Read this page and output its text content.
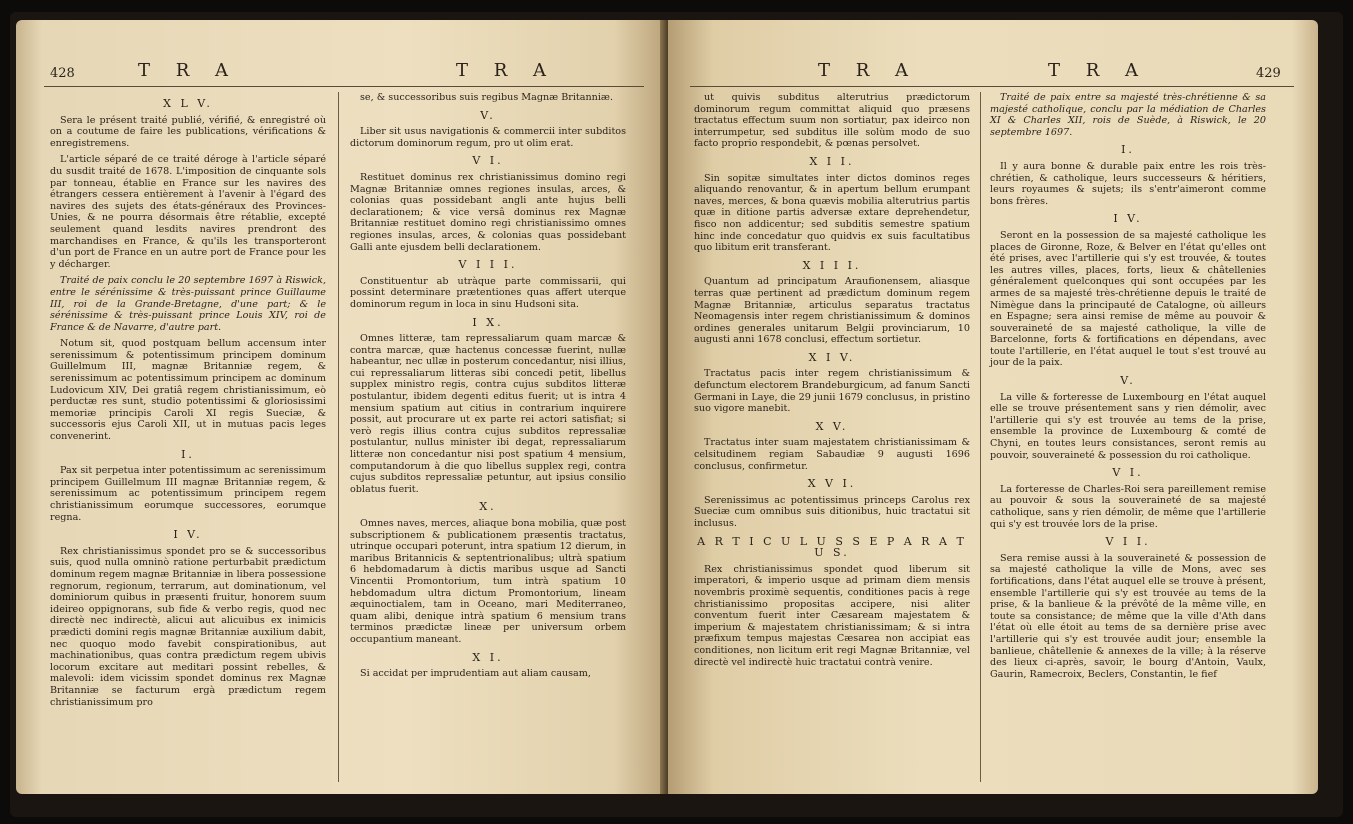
428	T R A	T R A

X L V.

Sera le présent traité publié, vérifié, & enregistré où on a coutume de faire les publications, vérifications & enregistremens.

L'article séparé de ce traité déroge à l'article séparé du susdit traité de 1678. L'imposition de cinquante sols par tonneau, établie en France sur les navires des étrangers cessera entièrement à l'avenir à l'égard des navires des sujets des états-généraux des Provinces-Unies, & ne pourra désormais être rétablie, excepté seulement quand lesdits navires prendront des marchandises en France, & qu'ils les transporteront d'un port de France en un autre port de France pour les y décharger.

Traité de paix conclu le 20 septembre 1697 à Riswick, entre le sérénissime & très-puissant prince Guillaume III, roi de la Grande-Bretagne, d'une part; & le sérénissime & très-puissant prince Louis XIV, roi de France & de Navarre, d'autre part.

Notum sit, quod postquam bellum accensum inter serenissimum & potentissimum principem dominum Guillelmum III, magnæ Britanniæ regem, & serenissimum ac potentissimum principem ac dominum Ludovicum XIV, Dei gratiâ regem christianissimum, eò perductæ res sunt, studio potentissimi & gloriosissimi memoriæ principis Caroli XI regis Sueciæ, & successoris ejus Caroli XII, ut in mutuas pacis leges convenerint.

I.

Pax sit perpetua inter potentissimum ac serenissimum principem Guillelmum III magnæ Britanniæ regem, & serenissimum ac potentissimum principem regem christianissimum eorumque successores, eorumque regna.

I V.

Rex christianissimus spondet pro se & successoribus suis, quod nulla omninò ratione perturbabit prædictum dominum regem magnæ Britanniæ in libera possessione regnorum, regionum, terrarum, aut dominationum, vel dominiorum quibus in præsenti fruitur, honorem suum ideireo oppignorans, sub fide & verbo regis, quod nec directè nec indirectè, alicui aut alicuibus ex inimicis prædicti domini regis magnæ Britanniæ auxilium dabit, nec quoquo modo favebit conspirationibus, aut machinationibus, quas contra prædictum regem ubivis locorum excitare aut meditari possint rebelles, & malevoli: idem vicissim spondet dominus rex Magnæ Britanniæ se facturum ergà prædictum regem christianissimum pro

se, & successoribus suis regibus Magnæ Britanniæ.

V.

Liber sit usus navigationis & commercii inter subditos dictorum dominorum regum, pro ut olim erat.

V I.

Restituet dominus rex christianissimus domino regi Magnæ Britanniæ omnes regiones insulas, arces, & colonias quas possidebant angli ante hujus belli declarationem; & vice versâ dominus rex Magnæ Britanniæ restituet domino regi christianissimo omnes regiones insulas, arces, & colonias quas possidebant Galli ante ejusdem belli declarationem.

V I I I.

Constituentur ab utràque parte commissarii, qui possint determinare prætentiones quas affert uterque dominorum regum in loca in sinu Hudsoni sita.

I X.

Omnes litteræ, tam repressaliarum quam marcæ & contra marcæ, quæ hactenus concessæ fuerint, nullæ habeantur, nec ullæ in posterum concedantur, nisi illius, cui repressaliarum litteras sibi concedi petit, libellus supplex ministro regis, contra cujus subditos litteræ postulantur, ibidem degenti editus fuerit; ut is intra 4 mensium spatium aut citius in contrarium inquirere possit, aut procurare ut ex parte rei actori satisfiat; si verò regis illius contra cujus subditos repressaliæ postulantur, nullus minister ibi degat, repressaliarum litteræ non concedantur nisi post spatium 4 mensium, computandorum à die quo libellus supplex regi, contra cujus subditos repressaliæ petuntur, aut ipsius consilio oblatus fuerit.

X.

Omnes naves, merces, aliaque bona mobilia, quæ post subscriptionem & publicationem præsentis tractatus, utrinque occupari poterunt, intra spatium 12 dierum, in maribus Britannicis & septentrionalibus; ultrà spatium 6 hebdomadarum à dictis maribus usque ad Sancti Vincentii Promontorium, tum intrà spatium 10 hebdomadum ultra dictum Promontorium, lineam æquinoctialem, tam in Oceano, mari Mediterraneo, quam alibi, denique intrà spatium 6 mensium trans terminos prædictæ lineæ per universum orbem occupantium maneant.

X I.

Si accidat per imprudentiam aut aliam causam,

T R A	T R A	429

ut quivis subditus alterutrius prædictorum dominorum regum committat aliquid quo præsens tractatus effectum suum non sortiatur, pax ideirco non interrumpetur, sed subditus ille solùm modo de suo facto proprio respondebit, & pœnas persolvet.

X I I.

Sin sopitæ simultates inter dictos dominos reges aliquando renovantur, & in apertum bellum erumpant naves, merces, & bona quævis mobilia alterutrius partis quæ in ditione partis adversæ extare deprehendetur, fisco non addicentur; sed subditis semestre spatium hinc inde concedatur quo quidvis ex suis facultatibus quo libitum erit transferant.

X I I I.

Quantum ad principatum Araufionensem, aliasque terras quæ pertinent ad prædictum dominum regem Magnæ Britanniæ, articulus separatus tractatus Neomagensis inter regem christianissimum & dominos ordines generales unitarum Belgii provinciarum, 10 augusti anni 1678 conclusi, effectum sortietur.

X I V.

Tractatus pacis inter regem christianissimum & defunctum electorem Brandeburgicum, ad fanum Sancti Germani in Laye, die 29 junii 1679 conclusus, in pristino suo vigore manebit.

X V.

Tractatus inter suam majestatem christianissimam & celsitudinem regiam Sabaudiæ 9 augusti 1696 conclusus, confirmetur.

X V I.

Serenissimus ac potentissimus princeps Carolus rex Sueciæ cum omnibus suis ditionibus, huic tractatui sit inclusus.

A R T I C U L U S S E P A R A T U S.

Rex christianissimus spondet quod liberum sit imperatori, & imperio usque ad primam diem mensis novembris proximè sequentis, conditiones pacis à rege christianissimo propositas accipere, nisi aliter conventum fuerit inter Cæsaream majestatem & imperium & majestatem christianissimam; & si intra præfixum tempus majestas Cæsarea non accipiat eas conditiones, non licitum erit regi Magnæ Britanniæ, vel directè vel indirectè huic tractatui contrà venire.

Traité de paix entre sa majesté très-chrétienne & sa majesté catholique, conclu par la médiation de Charles XI & Charles XII, rois de Suède, à Riswick, le 20 septembre 1697.

I.

Il y aura bonne & durable paix entre les rois très-chrétien, & catholique, leurs successeurs & héritiers, leurs royaumes & sujets; ils s'entr'aimeront comme bons frères.

I V.

Seront en la possession de sa majesté catholique les places de Gironne, Roze, & Belver en l'état qu'elles ont été prises, avec l'artillerie qui s'y est trouvée, & toutes les autres villes, places, forts, lieux & châtellenies généralement quelconques qui sont occupées par les armes de sa majesté très-chrétienne depuis le traité de Nimègue dans la principauté de Catalogne, où ailleurs en Espagne; sera ainsi remise de même au pouvoir & souveraineté de sa majesté catholique, la ville de Barcelonne, forts & fortifications en dépendans, avec toute l'artillerie, en l'état auquel le tout s'est trouvé au jour de la paix.

V.

La ville & forteresse de Luxembourg en l'état auquel elle se trouve présentement sans y rien démolir, avec l'artillerie qui s'y est trouvée au tems de la prise, ensemble la province de Luxembourg & comté de Chyni, en toutes leurs consistances, seront remis au pouvoir, souveraineté & possession du roi catholique.

V I.

La forteresse de Charles-Roi sera pareillement remise au pouvoir & sous la souveraineté de sa majesté catholique, sans y rien démolir, de même que l'artillerie qui s'y est trouvée lors de la prise.

V I I.

Sera remise aussi à la souveraineté & possession de sa majesté catholique la ville de Mons, avec ses fortifications, dans l'état auquel elle se trouve à présent, ensemble l'artillerie qui s'y est trouvée au tems de la prise, & la banlieue & la prévôté de la même ville, en toute sa consistance; de même que la ville d'Ath dans l'état où elle étoit au tems de sa dernière prise avec l'artillerie qui s'y est trouvée audit jour; ensemble la banlieue, châtellenie & annexes de la ville; à la réserve des lieux ci-après, savoir, le bourg d'Antoin, Vaulx, Gaurin, Ramecroix, Beclers, Constantin, le fief
